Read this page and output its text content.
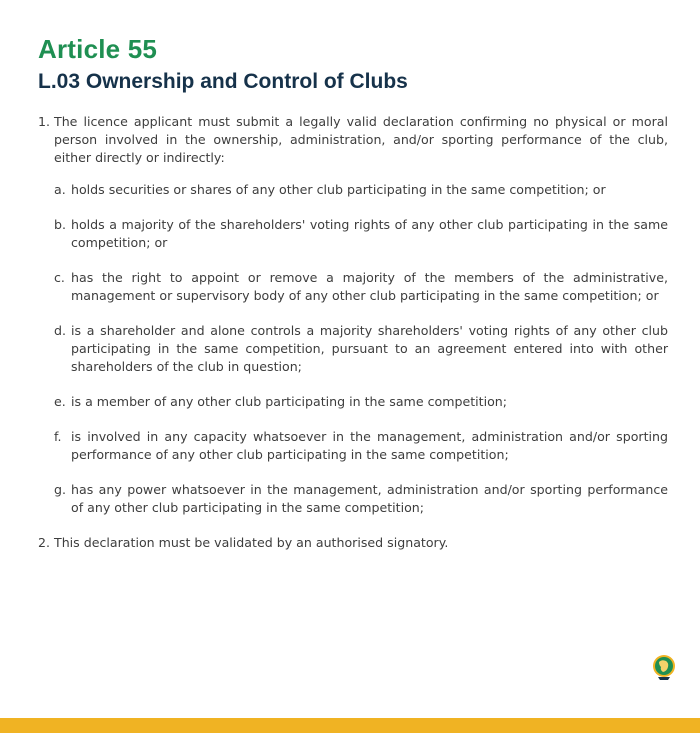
Article 55
L.03 Ownership and Control of Clubs
1. The licence applicant must submit a legally valid declaration confirming no physical or moral person involved in the ownership, administration, and/or sporting performance of the club, either directly or indirectly:
a. holds securities or shares of any other club participating in the same competition; or
b. holds a majority of the shareholders' voting rights of any other club participating in the same competition; or
c. has the right to appoint or remove a majority of the members of the administrative, management or supervisory body of any other club participating in the same competition; or
d. is a shareholder and alone controls a majority shareholders' voting rights of any other club participating in the same competition, pursuant to an agreement entered into with other shareholders of the club in question;
e. is a member of any other club participating in the same competition;
f. is involved in any capacity whatsoever in the management, administration and/or sporting performance of any other club participating in the same competition;
g. has any power whatsoever in the management, administration and/or sporting performance of any other club participating in the same competition;
2. This declaration must be validated by an authorised signatory.
